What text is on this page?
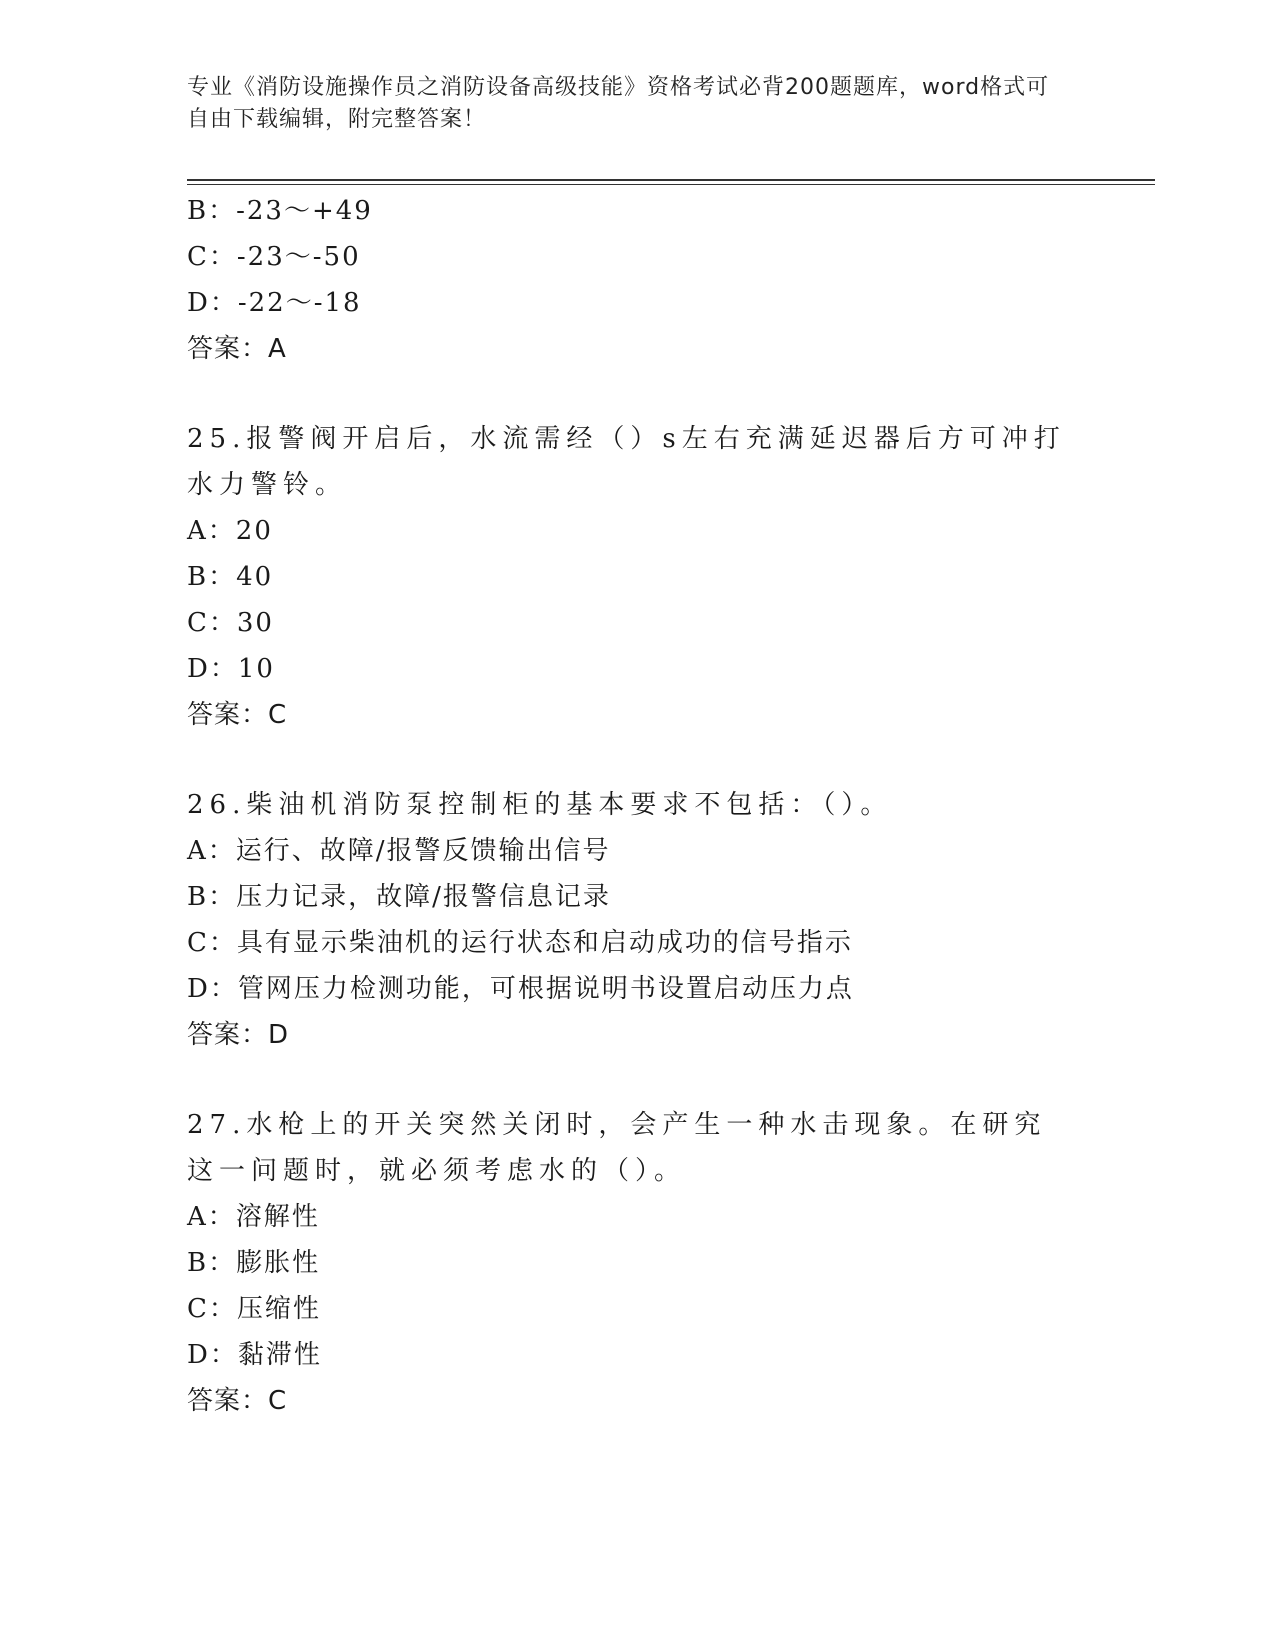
专业《消防设施操作员之消防设备高级技能》资格考试必背200题题库，word格式可自由下载编辑，附完整答案！
B：-23～+49
C：-23～-50
D：-22～-18
答案：A
25.报警阀开启后，水流需经（）s左右充满延迟器后方可冲打水力警铃。
A：20
B：40
C：30
D：10
答案：C
26.柴油机消防泵控制柜的基本要求不包括：（）。
A：运行、故障/报警反馈输出信号
B：压力记录，故障/报警信息记录
C：具有显示柴油机的运行状态和启动成功的信号指示
D：管网压力检测功能，可根据说明书设置启动压力点
答案：D
27.水枪上的开关突然关闭时，会产生一种水击现象。在研究这一问题时，就必须考虑水的（）。
A：溶解性
B：膨胀性
C：压缩性
D：黏滞性
答案：C
